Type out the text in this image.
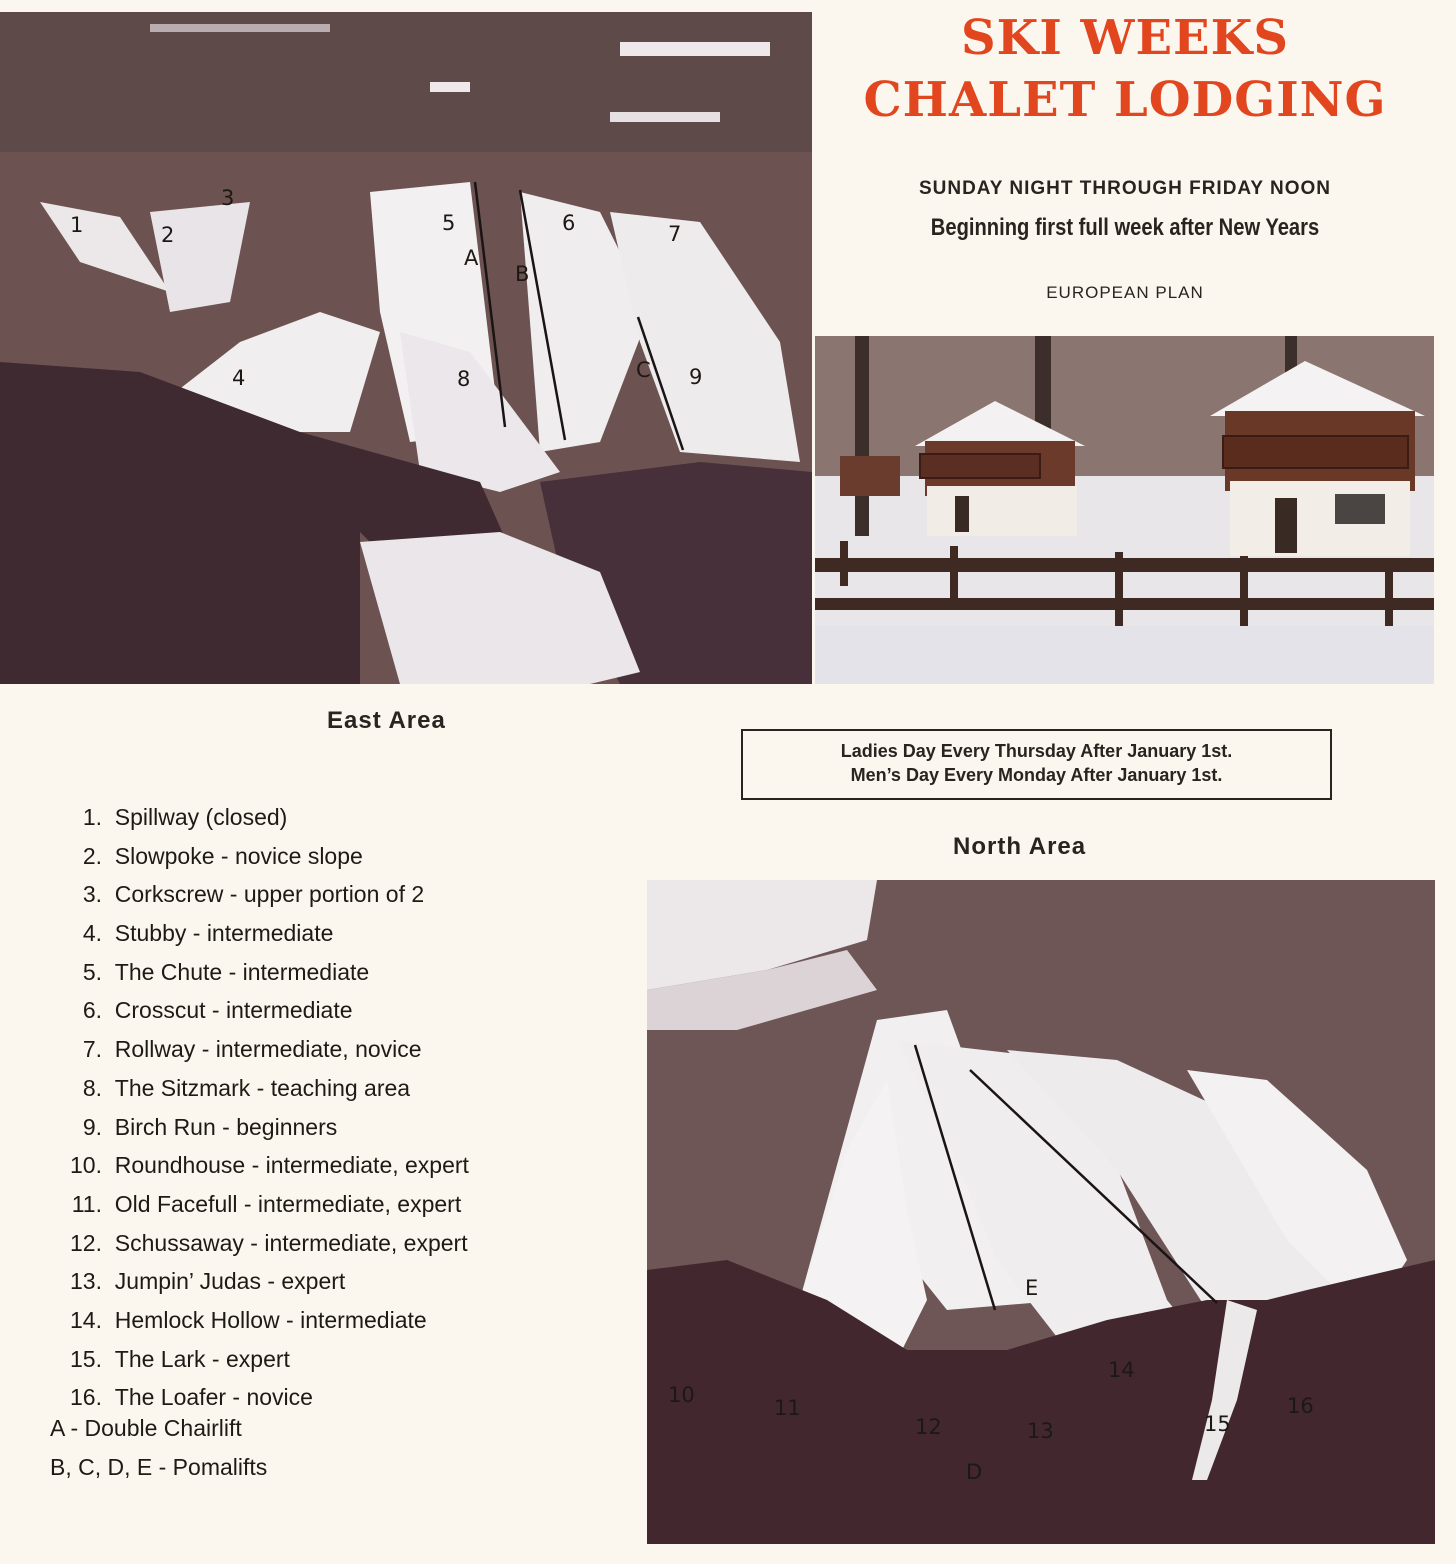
1	2
3
4
5	6	7
8	9
A
B
C
SKI WEEKS
CHALET LODGING
SUNDAY NIGHT THROUGH FRIDAY NOON
Beginning first full week after New Years
EUROPEAN PLAN
East Area
North Area
Ladies Day Every Thursday After January 1st.
Men’s Day Every Monday After January 1st.
1.
Spillway (closed)
2.
Slowpoke - novice slope
3.
Corkscrew - upper portion of 2
4.
Stubby - intermediate
5.
The Chute - intermediate
6.
Crosscut - intermediate
7.
Rollway - intermediate, novice
8.
The Sitzmark - teaching area
9.
Birch Run - beginners
10.
Roundhouse - intermediate, expert
11.
Old Facefull - intermediate, expert
12.
Schussaway - intermediate, expert
13.
Jumpin’ Judas - expert
14.
Hemlock Hollow - intermediate
15.
The Lark - expert
16.
The Loafer - novice
A - Double Chairlift
B, C, D, E - Pomalifts
10
11
12	13
14
15
16
D
E
